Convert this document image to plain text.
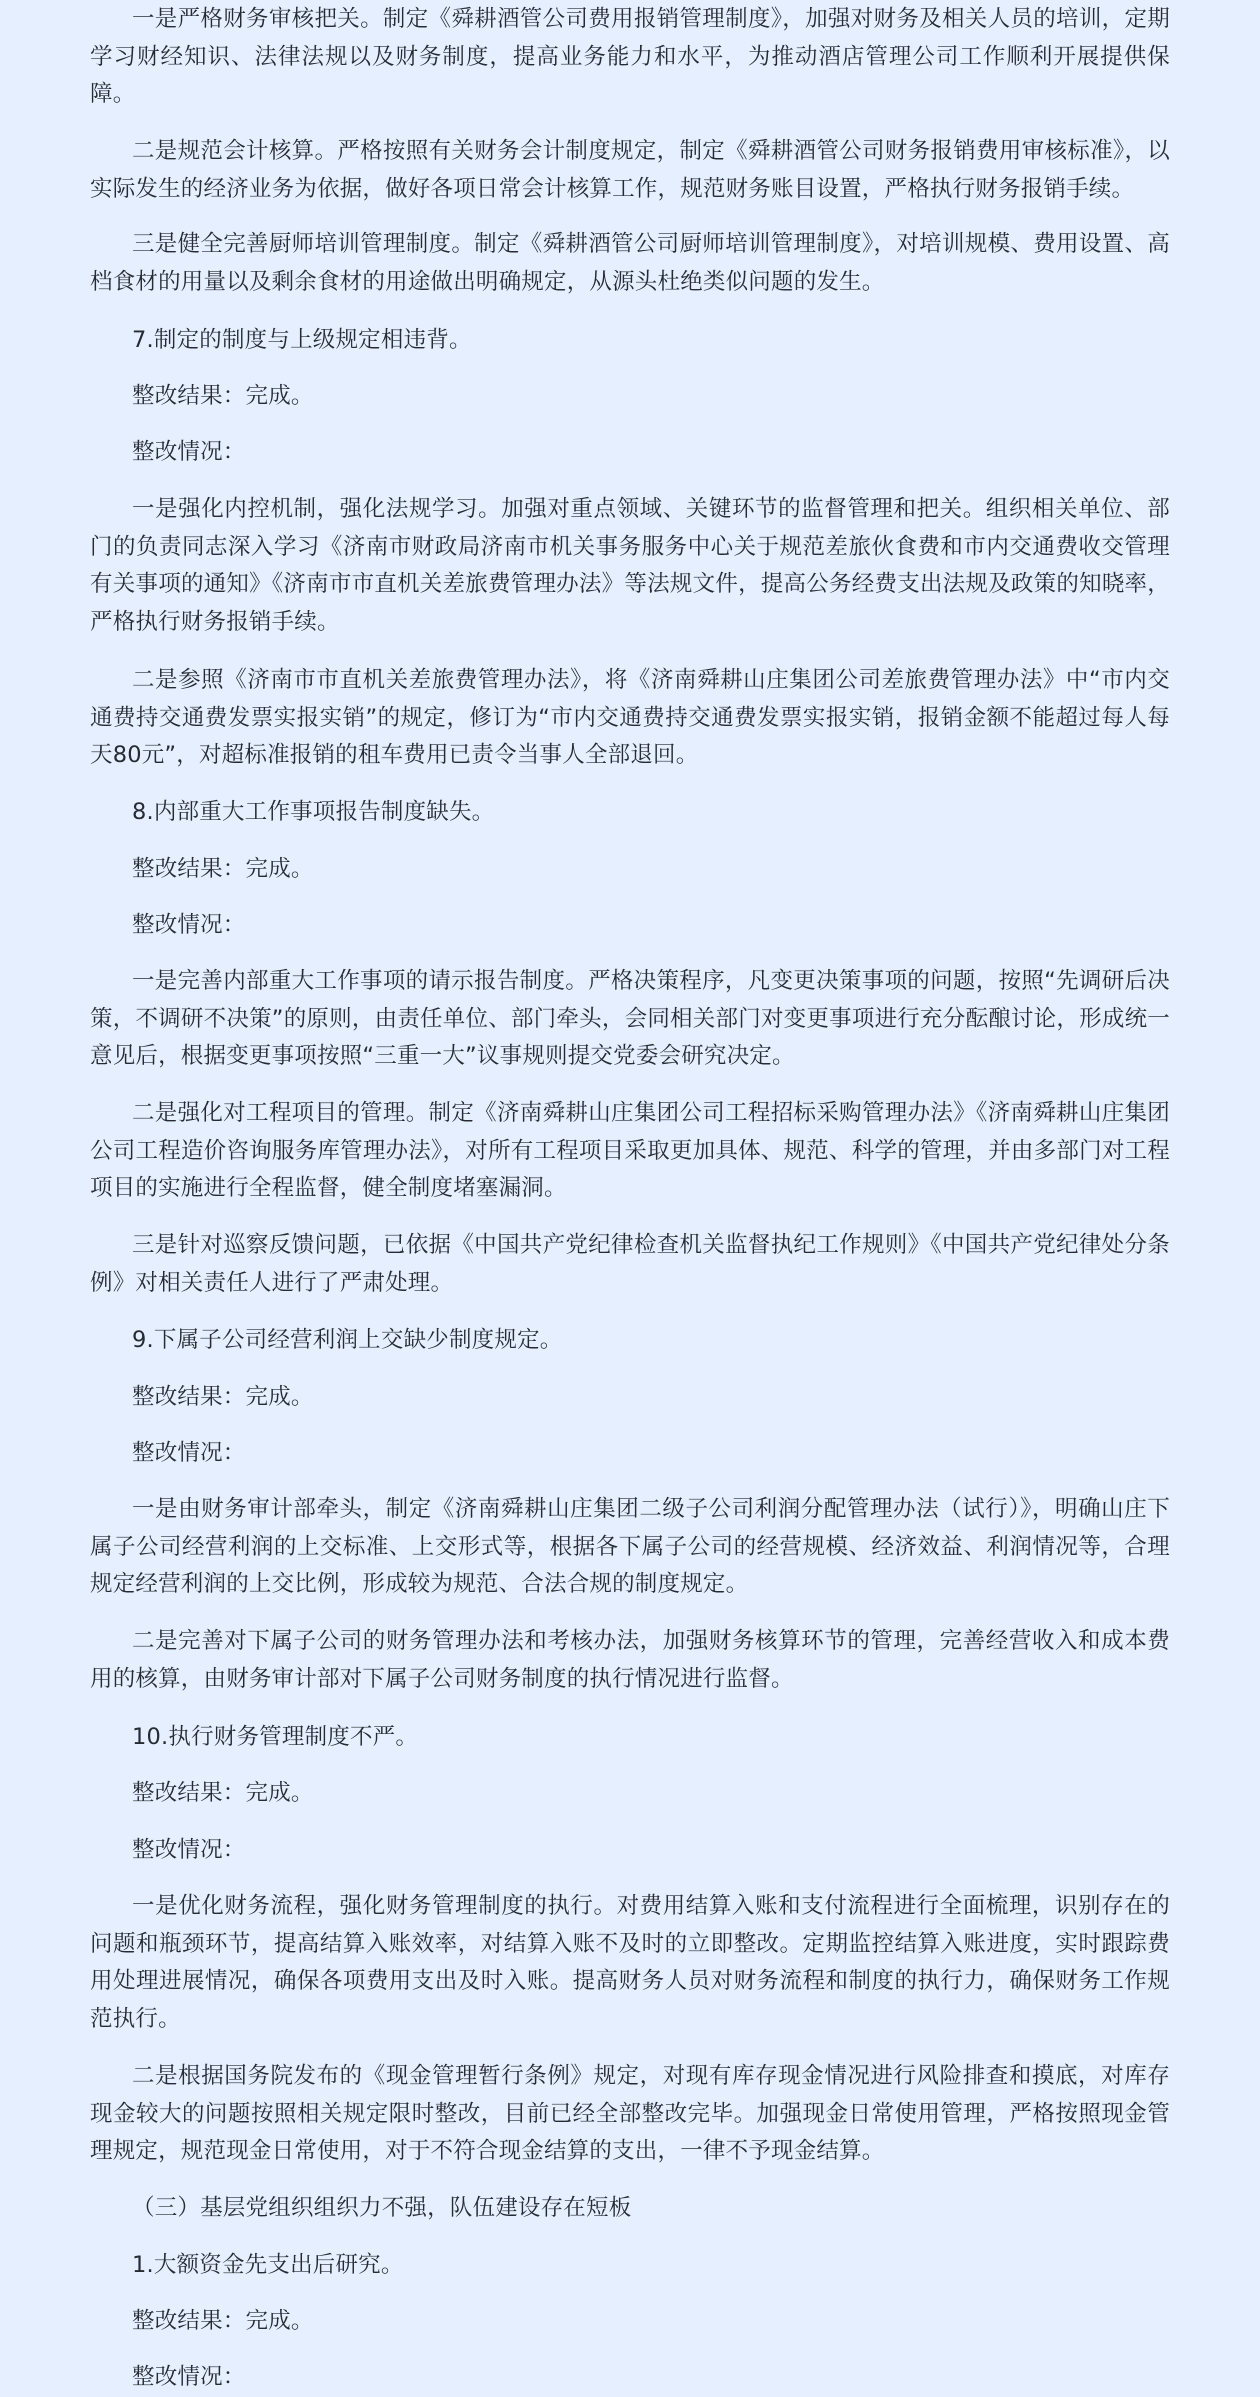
一是严格财务审核把关。制定《舜耕酒管公司费用报销管理制度》，加强对财务及相关人员的培训，定期学习财经知识、法律法规以及财务制度，提高业务能力和水平，为推动酒店管理公司工作顺利开展提供保障。

二是规范会计核算。严格按照有关财务会计制度规定，制定《舜耕酒管公司财务报销费用审核标准》，以实际发生的经济业务为依据，做好各项日常会计核算工作，规范财务账目设置，严格执行财务报销手续。

三是健全完善厨师培训管理制度。制定《舜耕酒管公司厨师培训管理制度》，对培训规模、费用设置、高档食材的用量以及剩余食材的用途做出明确规定，从源头杜绝类似问题的发生。

7.制定的制度与上级规定相违背。

整改结果：完成。

整改情况：

一是强化内控机制，强化法规学习。加强对重点领域、关键环节的监督管理和把关。组织相关单位、部门的负责同志深入学习《济南市财政局济南市机关事务服务中心关于规范差旅伙食费和市内交通费收交管理有关事项的通知》《济南市市直机关差旅费管理办法》等法规文件，提高公务经费支出法规及政策的知晓率，严格执行财务报销手续。

二是参照《济南市市直机关差旅费管理办法》，将《济南舜耕山庄集团公司差旅费管理办法》中“市内交通费持交通费发票实报实销”的规定，修订为“市内交通费持交通费发票实报实销，报销金额不能超过每人每天80元”，对超标准报销的租车费用已责令当事人全部退回。

8.内部重大工作事项报告制度缺失。

整改结果：完成。

整改情况：

一是完善内部重大工作事项的请示报告制度。严格决策程序，凡变更决策事项的问题，按照“先调研后决策，不调研不决策”的原则，由责任单位、部门牵头，会同相关部门对变更事项进行充分酝酿讨论，形成统一意见后，根据变更事项按照“三重一大”议事规则提交党委会研究决定。

二是强化对工程项目的管理。制定《济南舜耕山庄集团公司工程招标采购管理办法》《济南舜耕山庄集团公司工程造价咨询服务库管理办法》，对所有工程项目采取更加具体、规范、科学的管理，并由多部门对工程项目的实施进行全程监督，健全制度堵塞漏洞。

三是针对巡察反馈问题，已依据《中国共产党纪律检查机关监督执纪工作规则》《中国共产党纪律处分条例》对相关责任人进行了严肃处理。

9.下属子公司经营利润上交缺少制度规定。

整改结果：完成。

整改情况：

一是由财务审计部牵头，制定《济南舜耕山庄集团二级子公司利润分配管理办法（试行）》，明确山庄下属子公司经营利润的上交标准、上交形式等，根据各下属子公司的经营规模、经济效益、利润情况等，合理规定经营利润的上交比例，形成较为规范、合法合规的制度规定。

二是完善对下属子公司的财务管理办法和考核办法，加强财务核算环节的管理，完善经营收入和成本费用的核算，由财务审计部对下属子公司财务制度的执行情况进行监督。

10.执行财务管理制度不严。

整改结果：完成。

整改情况：

一是优化财务流程，强化财务管理制度的执行。对费用结算入账和支付流程进行全面梳理，识别存在的问题和瓶颈环节，提高结算入账效率，对结算入账不及时的立即整改。定期监控结算入账进度，实时跟踪费用处理进展情况，确保各项费用支出及时入账。提高财务人员对财务流程和制度的执行力，确保财务工作规范执行。

二是根据国务院发布的《现金管理暂行条例》规定，对现有库存现金情况进行风险排查和摸底，对库存现金较大的问题按照相关规定限时整改，目前已经全部整改完毕。加强现金日常使用管理，严格按照现金管理规定，规范现金日常使用，对于不符合现金结算的支出，一律不予现金结算。

（三）基层党组织组织力不强，队伍建设存在短板

1.大额资金先支出后研究。

整改结果：完成。

整改情况：
